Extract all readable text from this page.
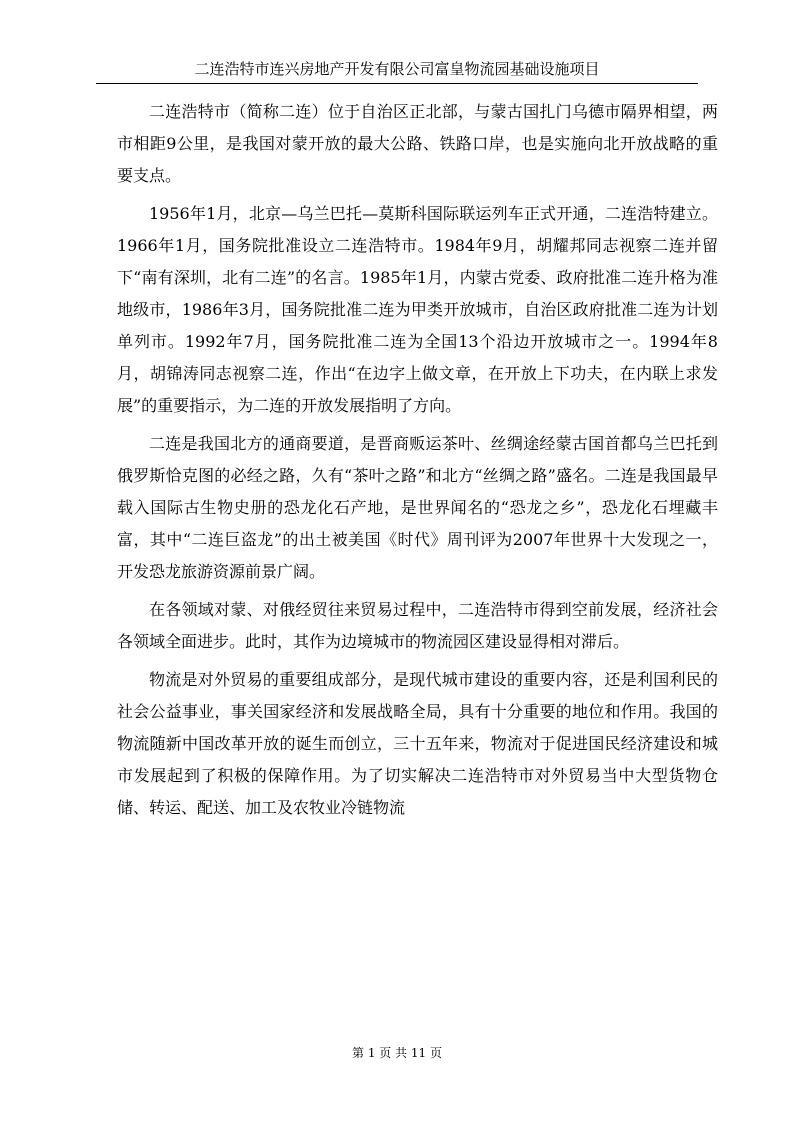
二连浩特市连兴房地产开发有限公司富皇物流园基础设施项目

二连浩特市（简称二连）位于自治区正北部，与蒙古国扎门乌德市隔界相望，两市相距9公里，是我国对蒙开放的最大公路、铁路口岸，也是实施向北开放战略的重要支点。

1956年1月，北京—乌兰巴托—莫斯科国际联运列车正式开通，二连浩特建立。1966年1月，国务院批准设立二连浩特市。1984年9月，胡耀邦同志视察二连并留下“南有深圳，北有二连”的名言。1985年1月，内蒙古党委、政府批准二连升格为准地级市，1986年3月，国务院批准二连为甲类开放城市，自治区政府批准二连为计划单列市。1992年7月，国务院批准二连为全国13个沿边开放城市之一。1994年8月，胡锦涛同志视察二连，作出“在边字上做文章，在开放上下功夫，在内联上求发展”的重要指示，为二连的开放发展指明了方向。

二连是我国北方的通商要道，是晋商贩运茶叶、丝绸途经蒙古国首都乌兰巴托到俄罗斯恰克图的必经之路，久有“茶叶之路”和北方“丝绸之路”盛名。二连是我国最早载入国际古生物史册的恐龙化石产地，是世界闻名的“恐龙之乡”，恐龙化石埋藏丰富，其中“二连巨盗龙”的出土被美国《时代》周刊评为2007年世界十大发现之一，开发恐龙旅游资源前景广阔。

在各领域对蒙、对俄经贸往来贸易过程中，二连浩特市得到空前发展，经济社会各领域全面进步。此时，其作为边境城市的物流园区建设显得相对滞后。

物流是对外贸易的重要组成部分，是现代城市建设的重要内容，还是利国利民的社会公益事业，事关国家经济和发展战略全局，具有十分重要的地位和作用。我国的物流随新中国改革开放的诞生而创立，三十五年来，物流对于促进国民经济建设和城市发展起到了积极的保障作用。为了切实解决二连浩特市对外贸易当中大型货物仓储、转运、配送、加工及农牧业冷链物流

第 1 页 共 11 页
